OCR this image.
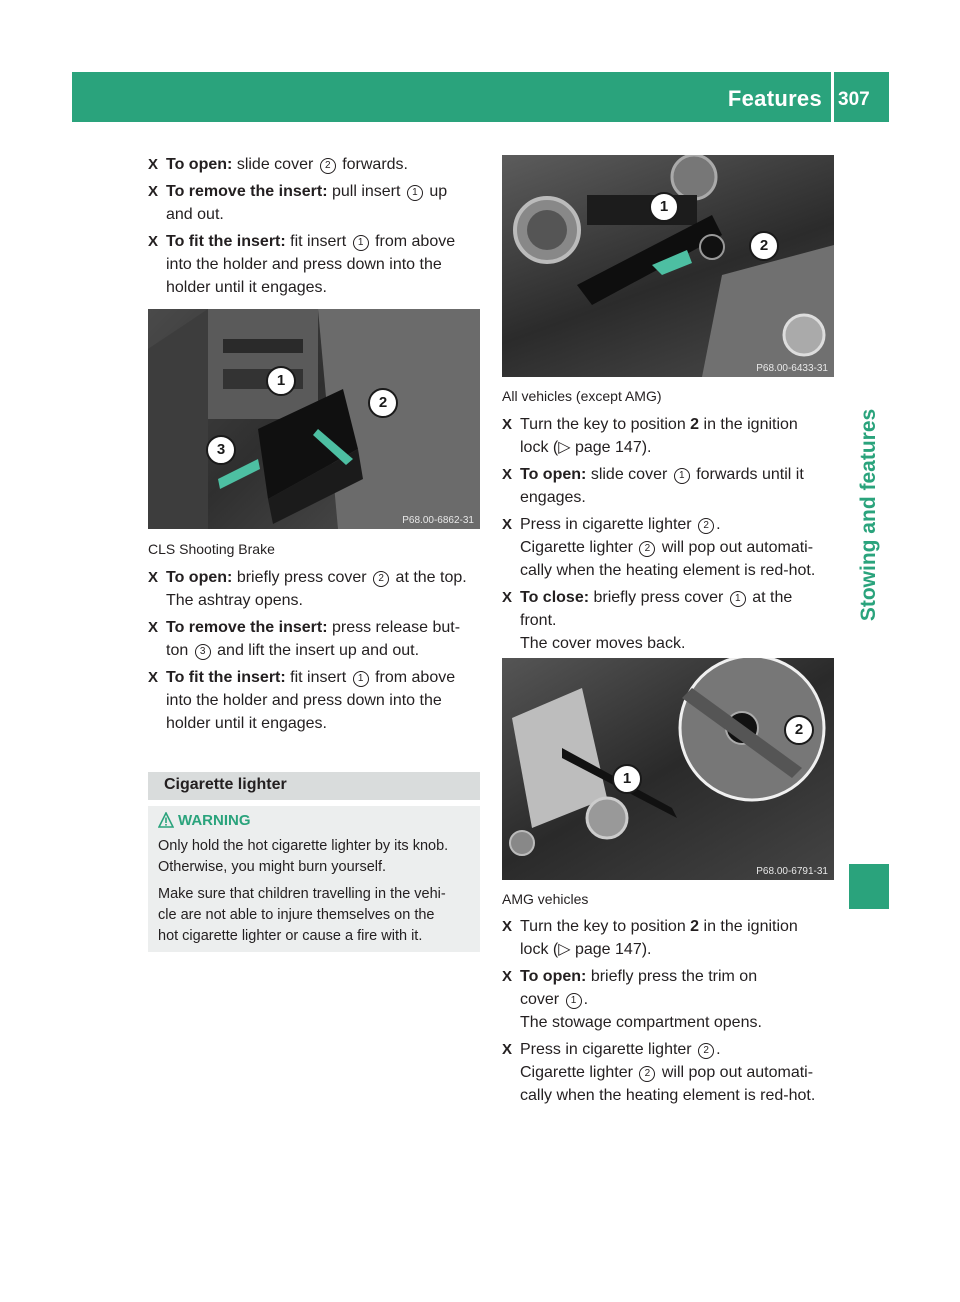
Features 307
Stowing and features
X To open: slide cover 2 forwards.
X To remove the insert: pull insert 1 up
and out.
X To fit the insert: fit insert 1 from above
into the holder and press down into the
holder until it engages.
1
2
3
P68.00-6862-31
CLS Shooting Brake
X To open: briefly press cover 2 at the top.
The ashtray opens.
X To remove the insert: press release but-
ton 3 and lift the insert up and out.
X To fit the insert: fit insert 1 from above
into the holder and press down into the
holder until it engages.
Cigarette lighter
WARNING
Only hold the hot cigarette lighter by its knob.
Otherwise, you might burn yourself.
Make sure that children travelling in the vehi-
cle are not able to injure themselves on the
hot cigarette lighter or cause a fire with it.
1
2
P68.00-6433-31
All vehicles (except AMG)
X Turn the key to position 2 in the ignition
lock (▷ page 147).
X To open: slide cover 1 forwards until it
engages.
X Press in cigarette lighter 2 .
Cigarette lighter 2 will pop out automati-
cally when the heating element is red-hot.
X To close: briefly press cover 1 at the
front.
The cover moves back.
2
1
P68.00-6791-31
AMG vehicles
X Turn the key to position 2 in the ignition
lock (▷ page 147).
X To open: briefly press the trim on
cover 1 .
The stowage compartment opens.
X Press in cigarette lighter 2 .
Cigarette lighter 2 will pop out automati-
cally when the heating element is red-hot.
